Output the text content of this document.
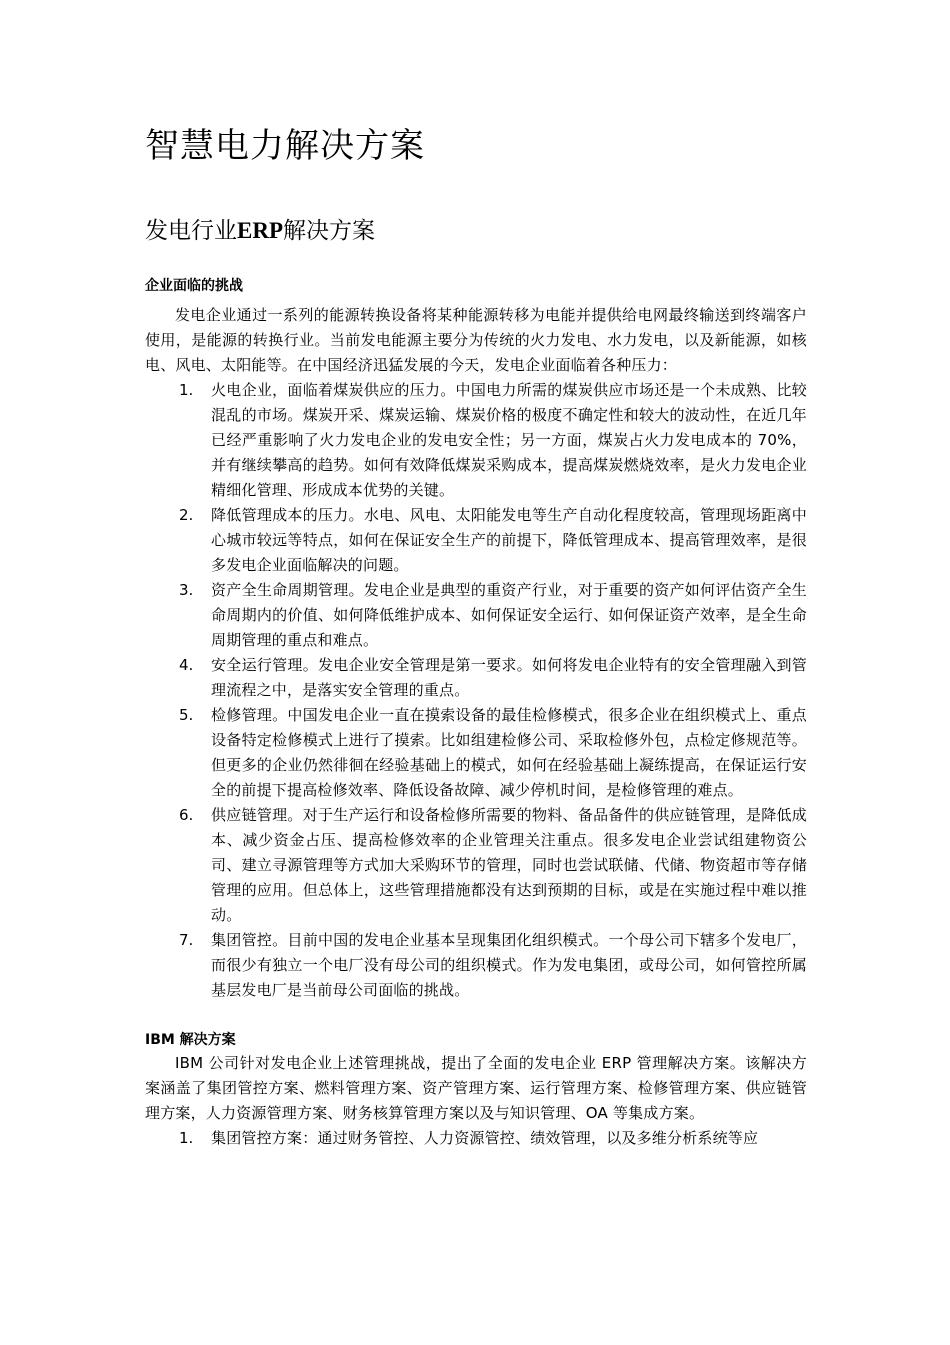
智慧电力解决方案
发电行业ERP解决方案
企业面临的挑战

发电企业通过一系列的能源转换设备将某种能源转移为电能并提供给电网最终输送到终端客户使用，是能源的转换行业。当前发电能源主要分为传统的火力发电、水力发电，以及新能源，如核电、风电、太阳能等。在中国经济迅猛发展的今天，发电企业面临着各种压力：

1.	火电企业，面临着煤炭供应的压力。中国电力所需的煤炭供应市场还是一个未成熟、比较混乱的市场。煤炭开采、煤炭运输、煤炭价格的极度不确定性和较大的波动性，在近几年已经严重影响了火力发电企业的发电安全性；另一方面，煤炭占火力发电成本的 70%，并有继续攀高的趋势。如何有效降低煤炭采购成本，提高煤炭燃烧效率，是火力发电企业精细化管理、形成成本优势的关键。
2.	降低管理成本的压力。水电、风电、太阳能发电等生产自动化程度较高，管理现场距离中心城市较远等特点，如何在保证安全生产的前提下，降低管理成本、提高管理效率，是很多发电企业面临解决的问题。
3.	资产全生命周期管理。发电企业是典型的重资产行业，对于重要的资产如何评估资产全生命周期内的价值、如何降低维护成本、如何保证安全运行、如何保证资产效率，是全生命周期管理的重点和难点。
4.	安全运行管理。发电企业安全管理是第一要求。如何将发电企业特有的安全管理融入到管理流程之中，是落实安全管理的重点。
5.	检修管理。中国发电企业一直在摸索设备的最佳检修模式，很多企业在组织模式上、重点设备特定检修模式上进行了摸索。比如组建检修公司、采取检修外包，点检定修规范等。但更多的企业仍然徘徊在经验基础上的模式，如何在经验基础上凝练提高，在保证运行安全的前提下提高检修效率、降低设备故障、减少停机时间，是检修管理的难点。
6.	供应链管理。对于生产运行和设备检修所需要的物料、备品备件的供应链管理，是降低成本、减少资金占压、提高检修效率的企业管理关注重点。很多发电企业尝试组建物资公司、建立寻源管理等方式加大采购环节的管理，同时也尝试联储、代储、物资超市等存储管理的应用。但总体上，这些管理措施都没有达到预期的目标，或是在实施过程中难以推动。
7.	集团管控。目前中国的发电企业基本呈现集团化组织模式。一个母公司下辖多个发电厂，而很少有独立一个电厂没有母公司的组织模式。作为发电集团，或母公司，如何管控所属基层发电厂是当前母公司面临的挑战。
IBM 解决方案

IBM 公司针对发电企业上述管理挑战，提出了全面的发电企业 ERP 管理解决方案。该解决方案涵盖了集团管控方案、燃料管理方案、资产管理方案、运行管理方案、检修管理方案、供应链管理方案，人力资源管理方案、财务核算管理方案以及与知识管理、OA 等集成方案。

1.	集团管控方案：通过财务管控、人力资源管控、绩效管理，以及多维分析系统等应
